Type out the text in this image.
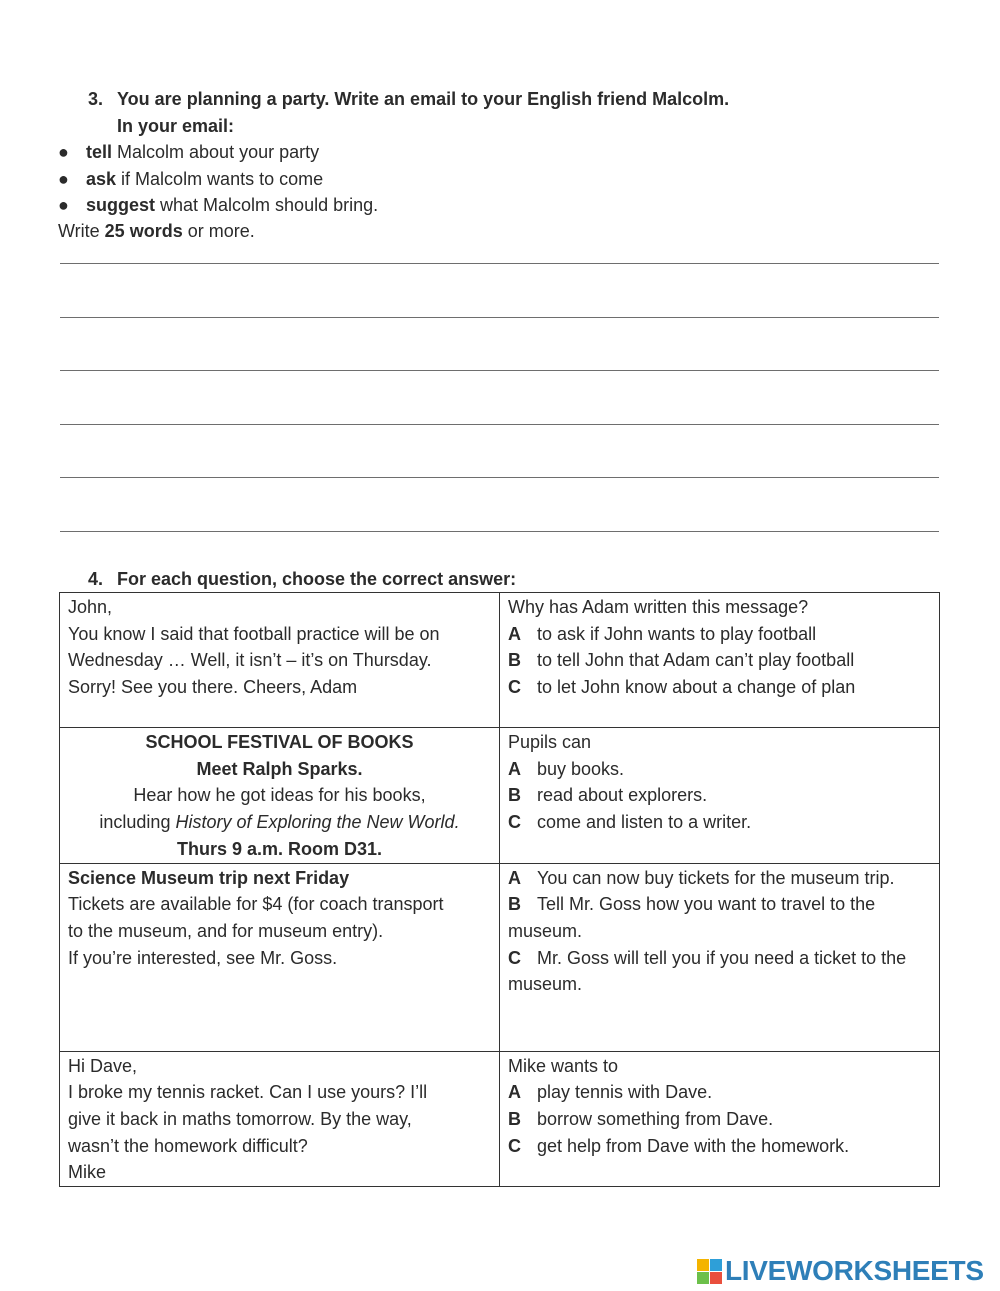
3. You are planning a party. Write an email to your English friend Malcolm.
In your email:
● tell Malcolm about your party
● ask if Malcolm wants to come
● suggest what Malcolm should bring.
Write 25 words or more.
4. For each question, choose the correct answer:
John,
You know I said that football practice will be on
Wednesday … Well, it isn’t – it’s on Thursday.
Sorry! See you there. Cheers, Adam	Why has Adam written this message?
A to ask if John wants to play football
B to tell John that Adam can’t play football
C to let John know about a change of plan

SCHOOL FESTIVAL OF BOOKS
Meet Ralph Sparks.
Hear how he got ideas for his books,
including History of Exploring the New World.
Thurs 9 a.m. Room D31.	Pupils can
A buy books.
B read about explorers.
C come and listen to a writer.

Science Museum trip next Friday
Tickets are available for $4 (for coach transport
to the museum, and for museum entry).
If you’re interested, see Mr. Goss.	A You can now buy tickets for the museum trip.
B Tell Mr. Goss how you want to travel to the museum.
C Mr. Goss will tell you if you need a ticket to the museum.

Hi Dave,
I broke my tennis racket. Can I use yours? I’ll
give it back in maths tomorrow. By the way,
wasn’t the homework difficult?
Mike	Mike wants to
A play tennis with Dave.
B borrow something from Dave.
C get help from Dave with the homework.
LIVEWORKSHEETS
